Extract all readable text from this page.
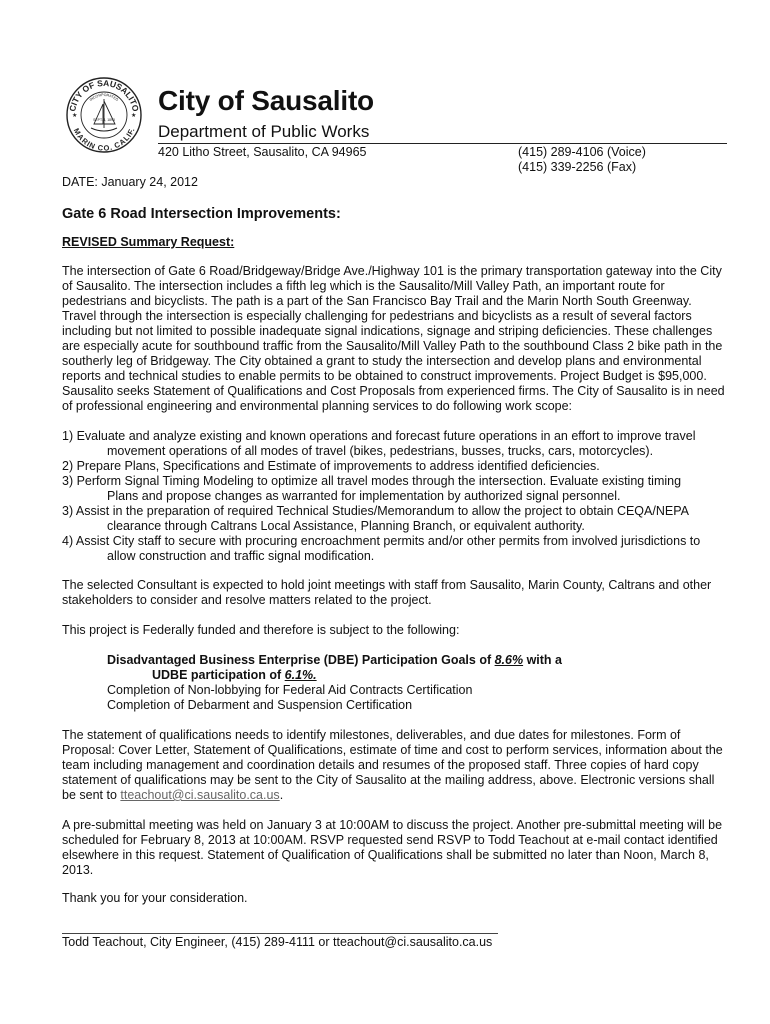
CITY OF SAUSALITO
MARIN CO. CALIF.
INCORPORATED
SEPT. 4, 1893
★	★ City of Sausalito
Department of Public Works
420 Litho Street, Sausalito, CA 94965	(415) 289-4106 (Voice)
(415) 339-2256 (Fax)
DATE: January 24, 2012
Gate 6 Road Intersection Improvements:
REVISED Summary Request:
The intersection of Gate 6 Road/Bridgeway/Bridge Ave./Highway 101 is the primary transportation gateway into the City of Sausalito. The intersection includes a fifth leg which is the Sausalito/Mill Valley Path, an important route for pedestrians and bicyclists. The path is a part of the San Francisco Bay Trail and the Marin North South Greenway. Travel through the intersection is especially challenging for pedestrians and bicyclists as a result of several factors including but not limited to possible inadequate signal indications, signage and striping deficiencies. These challenges are especially acute for southbound traffic from the Sausalito/Mill Valley Path to the southbound Class 2 bike path in the southerly leg of Bridgeway. The City obtained a grant to study the intersection and develop plans and environmental reports and technical studies to enable permits to be obtained to construct improvements. Project Budget is $95,000. Sausalito seeks Statement of Qualifications and Cost Proposals from experienced firms. The City of Sausalito is in need of professional engineering and environmental planning services to do following work scope:
1) Evaluate and analyze existing and known operations and forecast future operations in an effort to improve travel
movement operations of all modes of travel (bikes, pedestrians, busses, trucks, cars, motorcycles).
2) Prepare Plans, Specifications and Estimate of improvements to address identified deficiencies.
3) Perform Signal Timing Modeling to optimize all travel modes through the intersection. Evaluate existing timing
Plans and propose changes as warranted for implementation by authorized signal personnel.
3) Assist in the preparation of required Technical Studies/Memorandum to allow the project to obtain CEQA/NEPA
clearance through Caltrans Local Assistance, Planning Branch, or equivalent authority.
4) Assist City staff to secure with procuring encroachment permits and/or other permits from involved jurisdictions to
allow construction and traffic signal modification.
The selected Consultant is expected to hold joint meetings with staff from Sausalito, Marin County, Caltrans and other stakeholders to consider and resolve matters related to the project.
This project is Federally funded and therefore is subject to the following:
Disadvantaged Business Enterprise (DBE) Participation Goals of 8.6% with a
UDBE participation of 6.1%.
Completion of Non-lobbying for Federal Aid Contracts Certification
Completion of Debarment and Suspension Certification
The statement of qualifications needs to identify milestones, deliverables, and due dates for milestones. Form of Proposal: Cover Letter, Statement of Qualifications, estimate of time and cost to perform services, information about the team including management and coordination details and resumes of the proposed staff. Three copies of hard copy statement of qualifications may be sent to the City of Sausalito at the mailing address, above. Electronic versions shall be sent to tteachout@ci.sausalito.ca.us.
A pre-submittal meeting was held on January 3 at 10:00AM to discuss the project. Another pre-submittal meeting will be scheduled for February 8, 2013 at 10:00AM. RSVP requested send RSVP to Todd Teachout at e-mail contact identified elsewhere in this request. Statement of Qualification of Qualifications shall be submitted no later than Noon, March 8, 2013.
Thank you for your consideration.
Todd Teachout, City Engineer, (415) 289-4111 or tteachout@ci.sausalito.ca.us
